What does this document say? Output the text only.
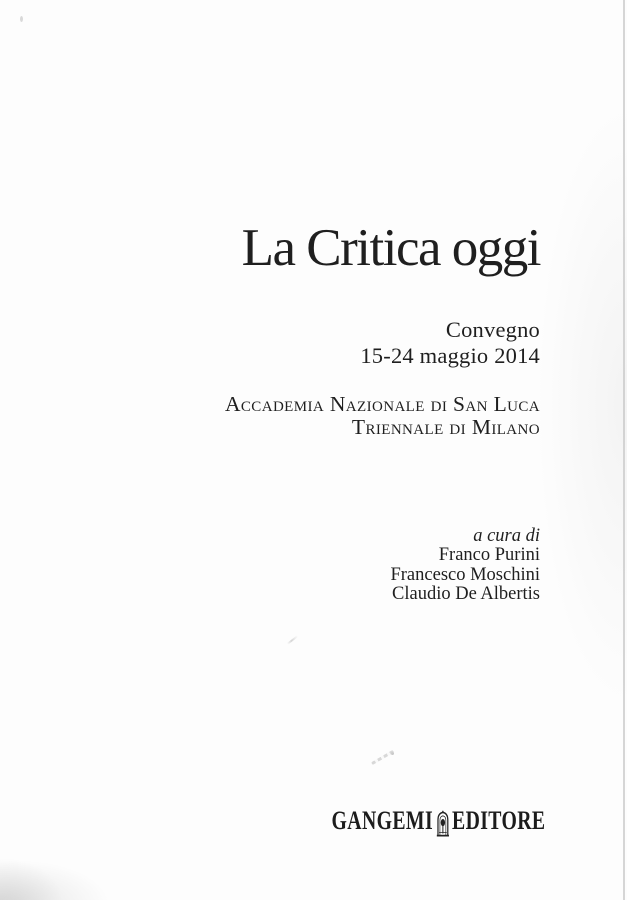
La Critica oggi
Convegno
15-24 maggio 2014
Accademia Nazionale di San Luca
Triennale di Milano
a cura di
Franco Purini
Francesco Moschini
Claudio De Albertis
GANGEMI EDITORE
